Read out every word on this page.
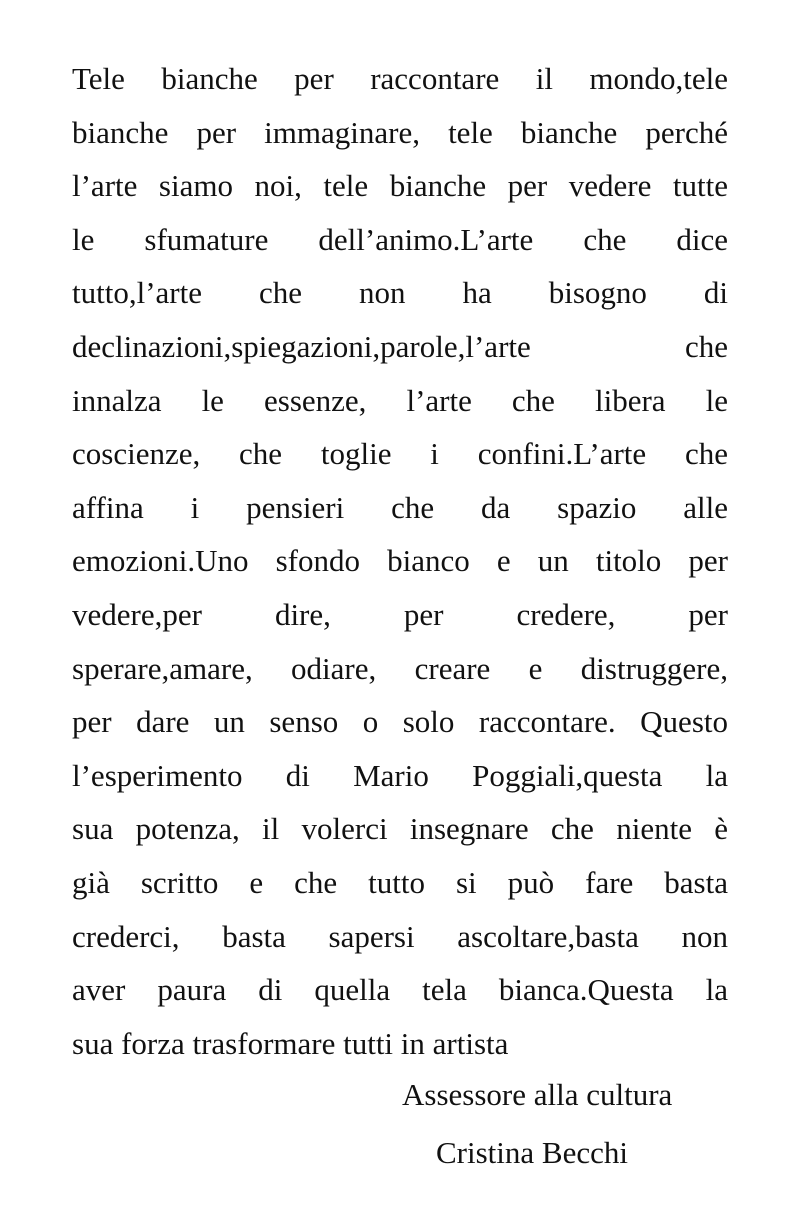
Tele bianche per raccontare il mondo,tele
bianche per immaginare, tele bianche perché
l’arte siamo noi, tele bianche per vedere tutte
le sfumature dell’animo.L’arte che dice
tutto,l’arte che non ha bisogno di
declinazioni,spiegazioni,parole,l’arte che
innalza le essenze, l’arte che libera le
coscienze, che toglie i confini.L’arte che
affina i pensieri che da spazio alle
emozioni.Uno sfondo bianco e un titolo per
vedere,per dire, per credere, per
sperare,amare, odiare, creare e distruggere,
per dare un senso o solo raccontare. Questo
l’esperimento di Mario Poggiali,questa la
sua potenza, il volerci insegnare che niente è
già scritto e che tutto si può fare basta
crederci, basta sapersi ascoltare,basta non
aver paura di quella tela bianca.Questa la
sua forza trasformare tutti in artista
Assessore alla cultura
Cristina Becchi
